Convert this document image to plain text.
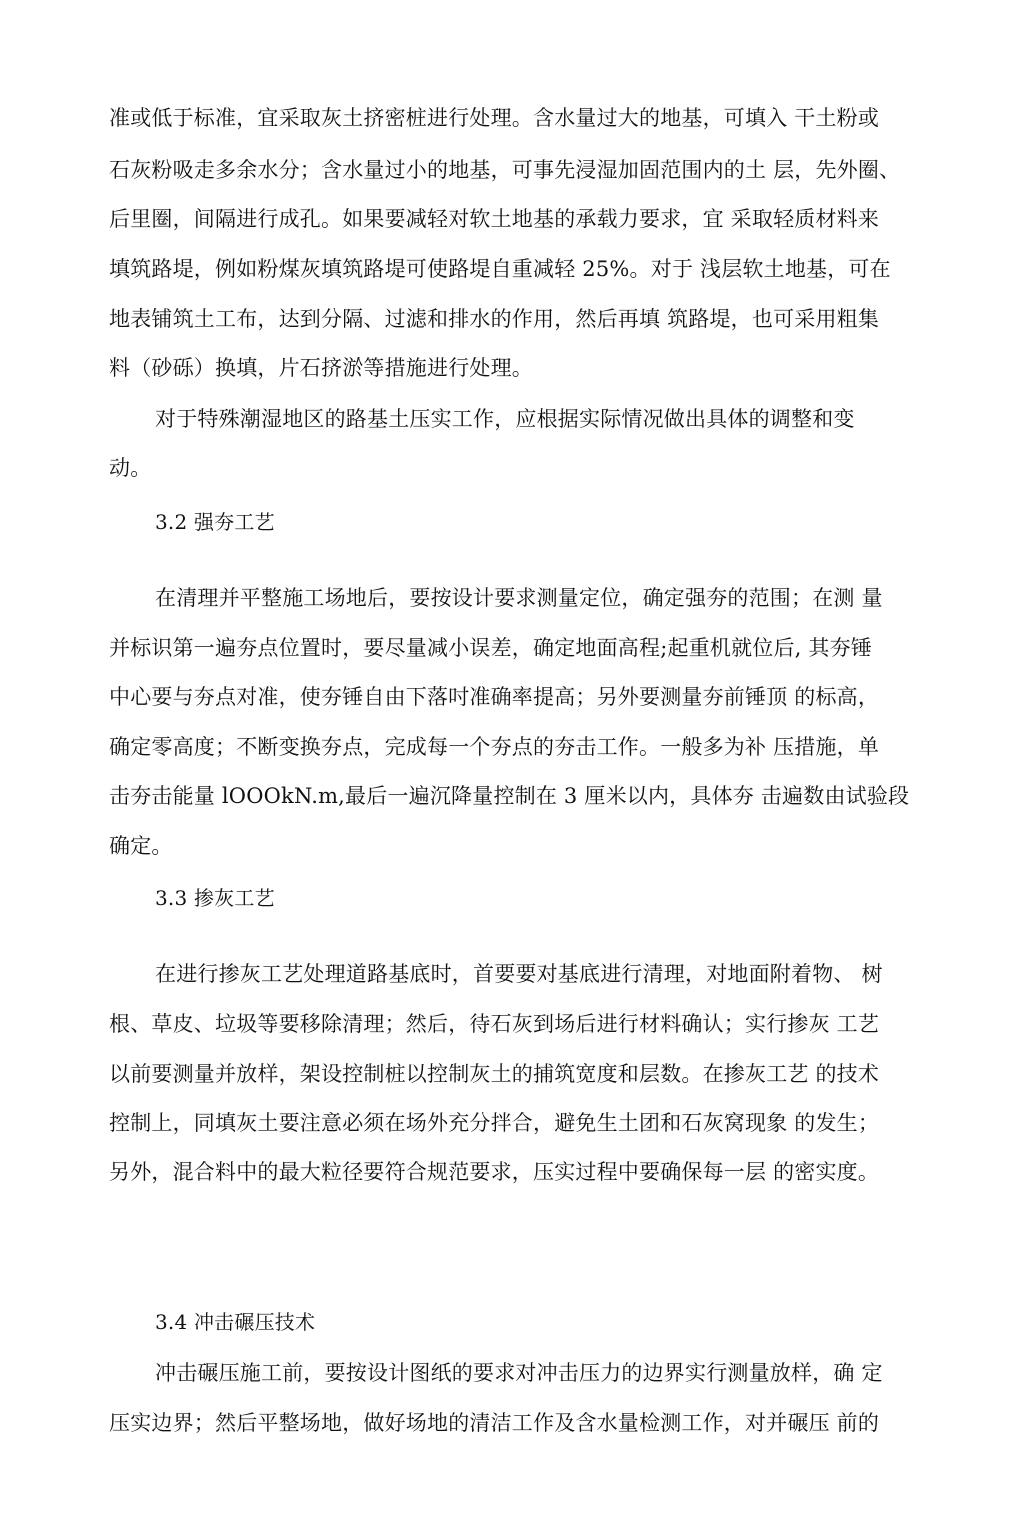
准或低于标准，宜采取灰土挤密桩进行处理。含水量过大的地基，可填入 干土粉或
石灰粉吸走多余水分；含水量过小的地基，可事先浸湿加固范围内的土 层，先外圈、
后里圈，间隔进行成孔。如果要减轻对软土地基的承载力要求，宜 采取轻质材料来
填筑路堤，例如粉煤灰填筑路堤可使路堤自重减轻 25%。对于 浅层软土地基，可在
地表铺筑土工布，达到分隔、过滤和排水的作用，然后再填 筑路堤，也可采用粗集
料（砂砾）换填，片石挤淤等措施进行处理。
对于特殊潮湿地区的路基土压实工作，应根据实际情况做出具体的调整和变
动。
3.2 强夯工艺
在清理并平整施工场地后，要按设计要求测量定位，确定强夯的范围；在测 量
并标识第一遍夯点位置时，要尽量减小误差，确定地面高程;起重机就位后, 其夯锤
中心要与夯点对准，使夯锤自由下落吋准确率提高；另外要测量夯前锤顶 的标高，
确定零高度；不断变换夯点，完成每一个夯点的夯击工作。一般多为补 压措施，单
击夯击能量 lOOOkN.m,最后一遍沉降量控制在 3 厘米以内，具体夯 击遍数由试验段
确定。
3.3 掺灰工艺
在进行掺灰工艺处理道路基底时，首要要对基底进行清理，对地面附着物、 树
根、草皮、垃圾等要移除清理；然后，待石灰到场后进行材料确认；实行掺灰 工艺
以前要测量并放样，架设控制桩以控制灰土的捕筑宽度和层数。在掺灰工艺 的技术
控制上，同填灰土要注意必须在场外充分拌合，避免生土团和石灰窝现象 的发生；
另外，混合料中的最大粒径要符合规范要求，压实过程中要确保每一层 的密实度。
3.4 冲击碾压技术
冲击碾压施工前，要按设计图纸的要求对冲击压力的边界实行测量放样，确 定
压实边界；然后平整场地，做好场地的清洁工作及含水量检测工作，对并碾压 前的
